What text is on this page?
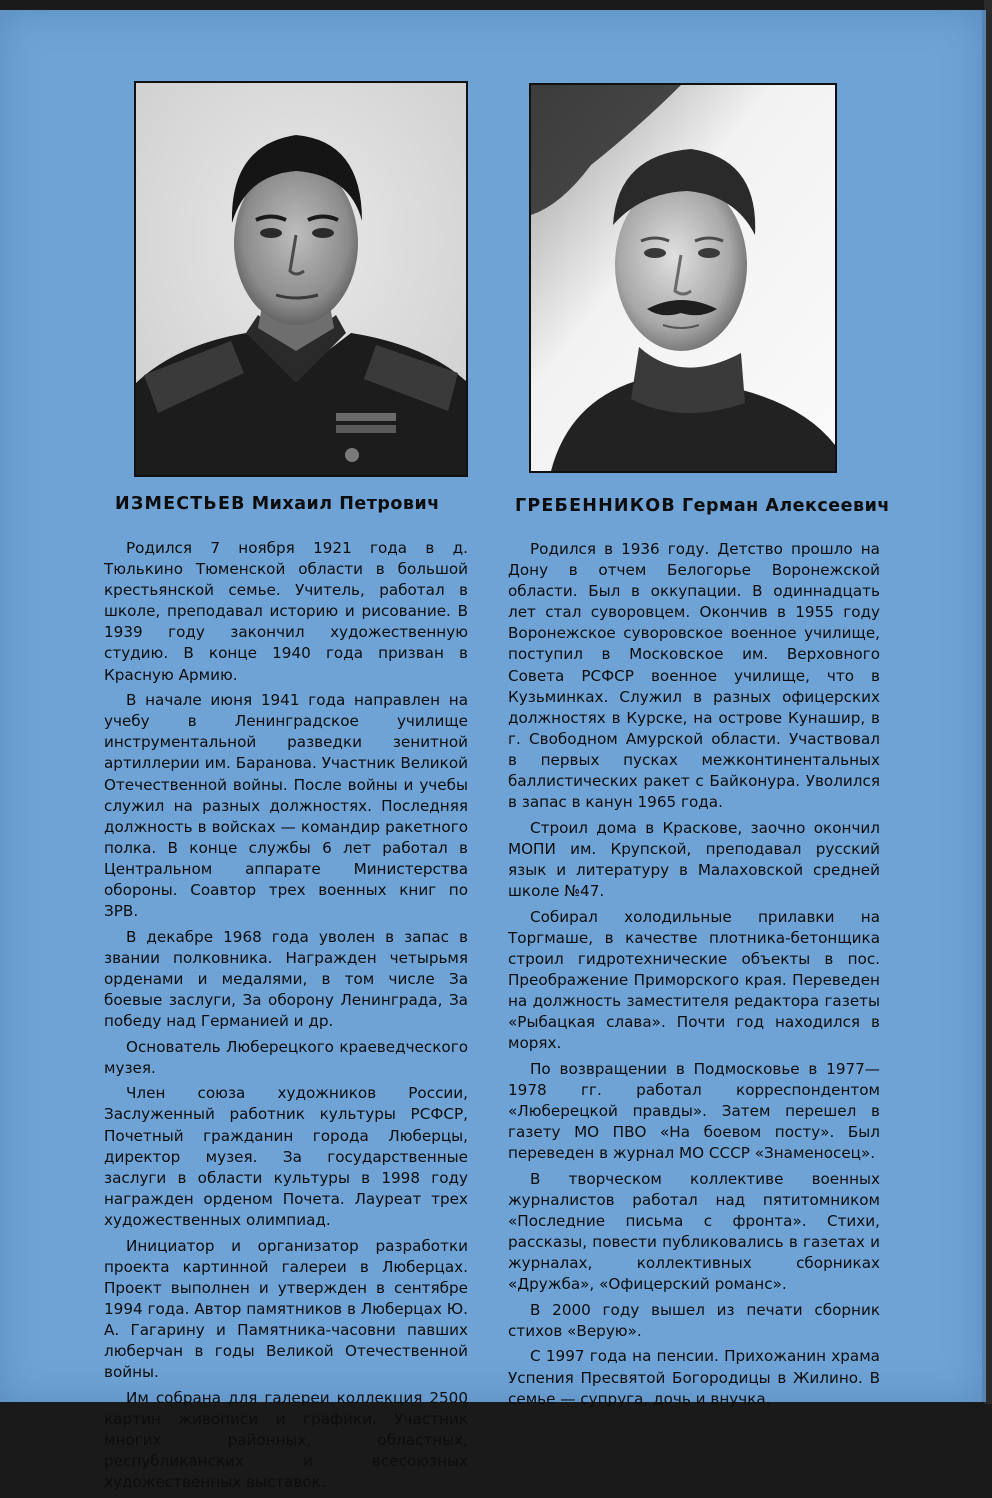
ИЗМЕСТЬЕВ Михаил Петрович	ГРЕБЕННИКОВ Герман Алексеевич

Родился 7 ноября 1921 года в д. Тюлькино Тюменской области в большой крестьянской семье. Учитель, работал в школе, преподавал историю и рисование. В 1939 году закончил художественную студию. В конце 1940 года призван в Красную Армию.

В начале июня 1941 года направлен на учебу в Ленинградское училище инструментальной разведки зенитной артиллерии им. Баранова. Участник Великой Отечественной войны. После войны и учебы служил на разных должностях. Последняя должность в войсках — командир ракетного полка. В конце службы 6 лет работал в Центральном аппарате Министерства обороны. Соавтор трех военных книг по ЗРВ.

В декабре 1968 года уволен в запас в звании полковника. Награжден четырьмя орденами и медалями, в том числе За боевые заслуги, За оборону Ленинграда, За победу над Германией и др.

Основатель Люберецкого краеведческого музея.

Член союза художников России, Заслуженный работник культуры РСФСР, Почетный гражданин города Люберцы, директор музея. За государственные заслуги в области культуры в 1998 году награжден орденом Почета. Лауреат трех художественных олимпиад.

Инициатор и организатор разработки проекта картинной галереи в Люберцах. Проект выполнен и утвержден в сентябре 1994 года. Автор памятников в Люберцах Ю. А. Гагарину и Памятника-часовни павших люберчан в годы Великой Отечественной войны.

Им собрана для галереи коллекция 2500 картин живописи и графики. Участник многих районных, областных, республиканских и всесоюзных художественных выставок.

Родился в 1936 году. Детство прошло на Дону в отчем Белогорье Воронежской области. Был в оккупации. В одиннадцать лет стал суворовцем. Окончив в 1955 году Воронежское суворовское военное училище, поступил в Московское им. Верховного Совета РСФСР военное училище, что в Кузьминках. Служил в разных офицерских должностях в Курске, на острове Кунашир, в г. Свободном Амурской области. Участвовал в первых пусках межконтинентальных баллистических ракет с Байконура. Уволился в запас в канун 1965 года.

Строил дома в Краскове, заочно окончил МОПИ им. Крупской, преподавал русский язык и литературу в Малаховской средней школе №47.

Собирал холодильные прилавки на Торгмаше, в качестве плотника-бетонщика строил гидротехнические объекты в пос. Преображение Приморского края. Переведен на должность заместителя редактора газеты «Рыбацкая слава». Почти год находился в морях.

По возвращении в Подмосковье в 1977—1978 гг. работал корреспондентом «Люберецкой правды». Затем перешел в газету МО ПВО «На боевом посту». Был переведен в журнал МО СССР «Знаменосец».

В творческом коллективе военных журналистов работал над пятитомником «Последние письма с фронта». Стихи, рассказы, повести публиковались в газетах и журналах, коллективных сборниках «Дружба», «Офицерский романс».

В 2000 году вышел из печати сборник стихов «Верую».

С 1997 года на пенсии. Прихожанин храма Успения Пресвятой Богородицы в Жилино. В семье — супруга, дочь и внучка.
